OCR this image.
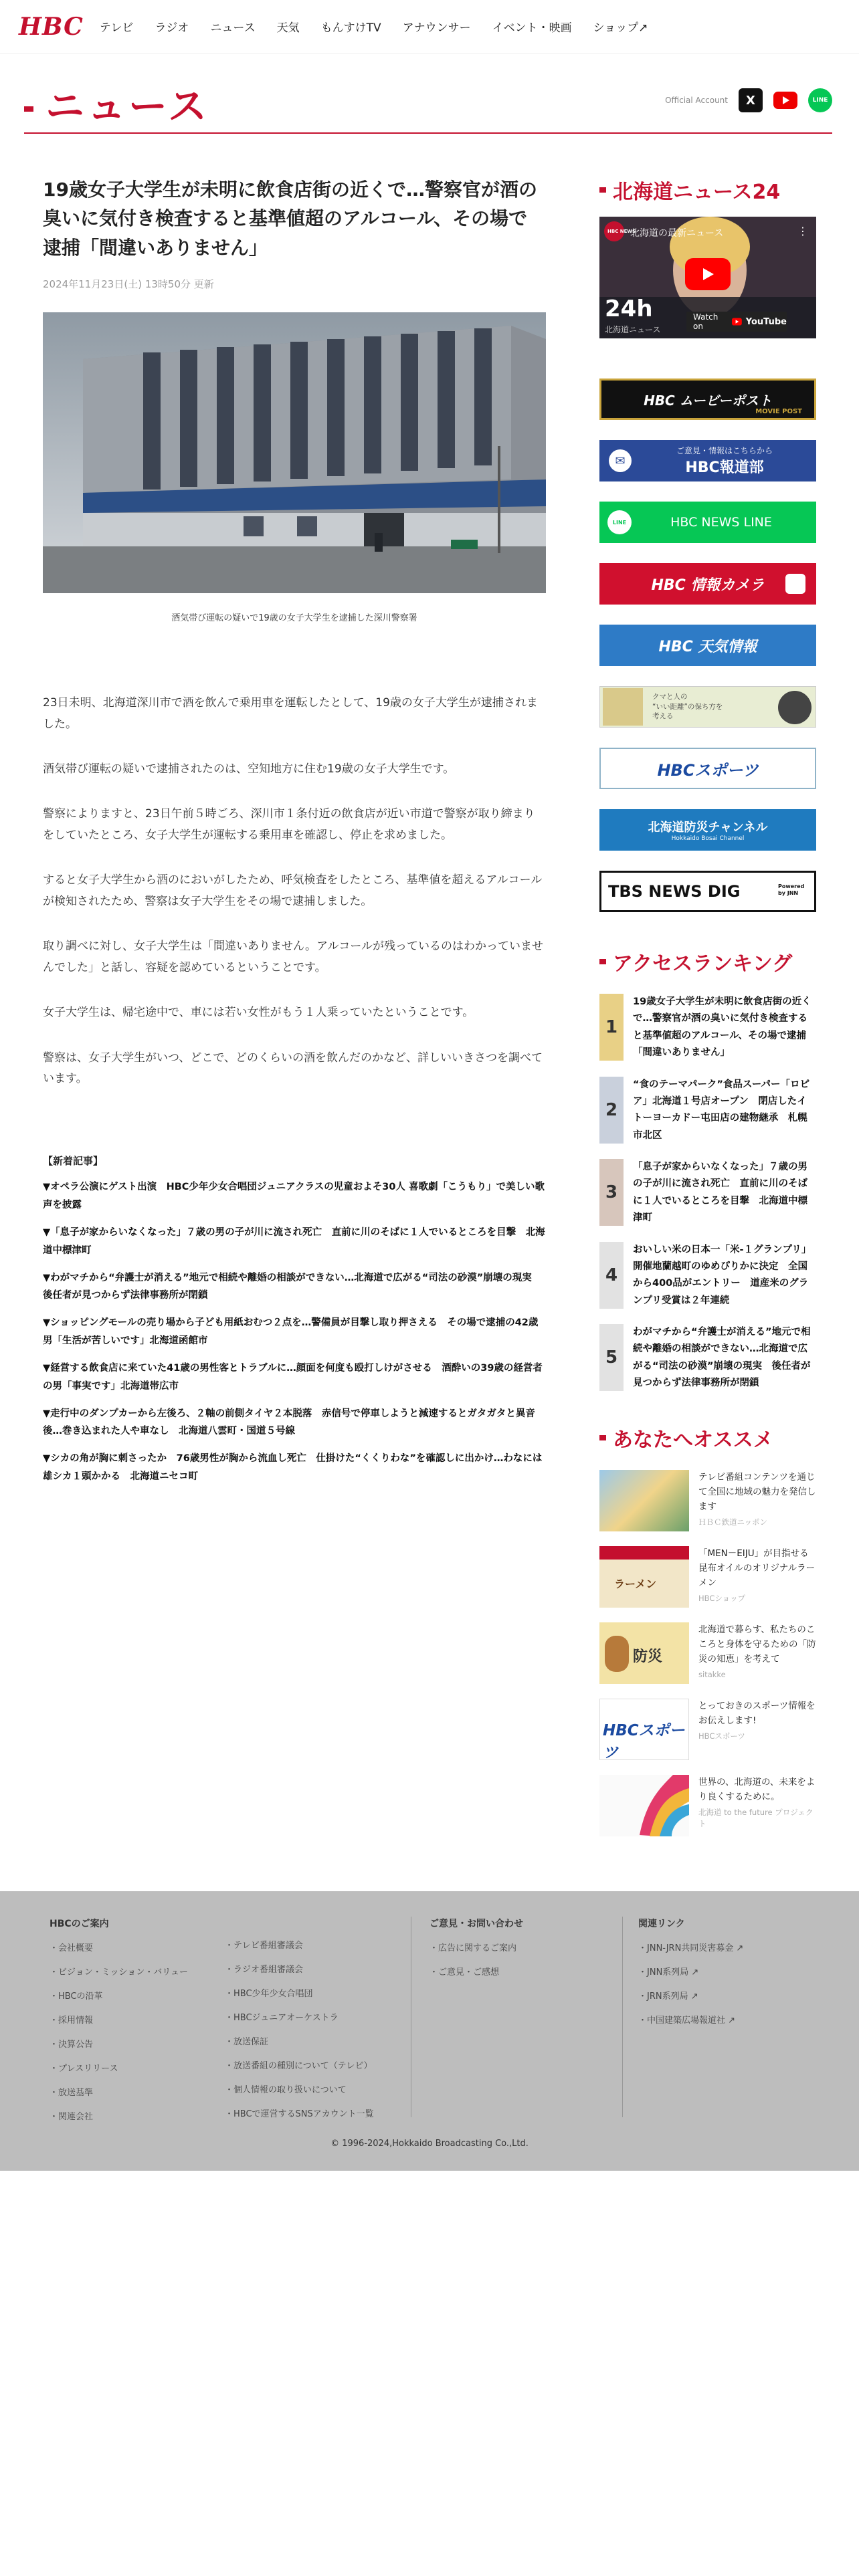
HBC テレビ ラジオ ニュース 天気 もんすけTV アナウンサー イベント・映画 ショップ↗
ニュース	Official Account	X	LINE
19歳女子大学生が未明に飲食店街の近くで…警察官が酒の臭いに気付き検査すると基準値超のアルコール、その場で逮捕「間違いありません」
2024年11月23日(土) 13時50分 更新
酒気帯び運転の疑いで19歳の女子大学生を逮捕した深川警察署

23日未明、北海道深川市で酒を飲んで乗用車を運転したとして、19歳の女子大学生が逮捕されました。

酒気帯び運転の疑いで逮捕されたのは、空知地方に住む19歳の女子大学生です。

警察によりますと、23日午前５時ごろ、深川市１条付近の飲食店が近い市道で警察が取り締まりをしていたところ、女子大学生が運転する乗用車を確認し、停止を求めました。

すると女子大学生から酒のにおいがしたため、呼気検査をしたところ、基準値を超えるアルコールが検知されたため、警察は女子大学生をその場で逮捕しました。

取り調べに対し、女子大学生は「間違いありません。アルコールが残っているのはわかっていませんでした」と話し、容疑を認めているということです。

女子大学生は、帰宅途中で、車には若い女性がもう１人乗っていたということです。

警察は、女子大学生がいつ、どこで、どのくらいの酒を飲んだのかなど、詳しいいきさつを調べています。

【新着記事】
▼オペラ公演にゲスト出演　HBC少年少女合唱団ジュニアクラスの児童およそ30人 喜歌劇「こうもり」で美しい歌声を披露
▼「息子が家からいなくなった」７歳の男の子が川に流され死亡　直前に川のそばに１人でいるところを目撃　北海道中標津町
▼わがマチから“弁護士が消える”地元で相続や離婚の相談ができない…北海道で広がる“司法の砂漠”崩壊の現実　後任者が見つからず法律事務所が閉鎖
▼ショッピングモールの売り場から子ども用紙おむつ２点を…警備員が目撃し取り押さえる　その場で逮捕の42歳男「生活が苦しいです」北海道函館市
▼経営する飲食店に来ていた41歳の男性客とトラブルに…顔面を何度も殴打しけがさせる　酒酔いの39歳の経営者の男「事実です」北海道帯広市
▼走行中のダンプカーから左後ろ、２軸の前側タイヤ２本脱落　赤信号で停車しようと減速するとガタガタと異音後…巻き込まれた人や車なし　北海道八雲町・国道５号線
▼シカの角が胸に刺さったか　76歳男性が胸から流血し死亡　仕掛けた“くくりわな”を確認しに出かけ…わなには雄シカ１頭かかる　北海道ニセコ町
北海道ニュース24
HBC NEWS
北海道の最新ニュース	⋮
24h
北海道ニュース
Watch on	YouTube
HBC ムービーポスト
MOVIE POST
✉
ご意見・情報はこちらから
HBC報道部
LINE	HBC NEWS LINE
HBC 情報カメラ
HBC 天気情報
クマと人の
“いい距離”の保ち方を
考える
HBCスポーツ
北海道防災チャンネル
Hokkaido Bosai Channel
TBS NEWS DIG	Powered by JNN
アクセスランキング
1
19歳女子大学生が未明に飲食店街の近くで…警察官が酒の臭いに気付き検査すると基準値超のアルコール、その場で逮捕「間違いありません」
2
“食のテーマパーク”食品スーパー「ロピア」北海道１号店オープン　閉店したイトーヨーカドー屯田店の建物継承　札幌市北区
3
「息子が家からいなくなった」７歳の男の子が川に流され死亡　直前に川のそばに１人でいるところを目撃　北海道中標津町
4
おいしい米の日本一「米-１グランプリ」開催地蘭越町のゆめぴりかに決定　全国から400品がエントリー　道産米のグランプリ受賞は２年連続
5
わがマチから“弁護士が消える”地元で相続や離婚の相談ができない…北海道で広がる“司法の砂漠”崩壊の現実　後任者が見つからず法律事務所が閉鎖
あなたへオススメ
テレビ番組コンテンツを通じて全国に地域の魅力を発信します
ＨＢＣ鉄道ニッポン
ラーメン
「MEN－EIJU」が目指せる昆布オイルのオリジナルラーメン
HBCショップ
防災
北海道で暮らす、私たちのこころと身体を守るための「防災の知恵」を考えて
sitakke
HBCスポーツ
とっておきのスポーツ情報をお伝えします!
HBCスポーツ
世界の、北海道の、未来をより良くするために。
北海道 to the future プロジェクト
HBCのご案内
・ 会社概要
・ ビジョン・ミッション・バリュー
・ HBCの沿革
・ 採用情報
・ 決算公告
・ プレスリリース
・ 放送基準
・ 関連会社
・ テレビ番組審議会
・ ラジオ番組審議会
・ HBC少年少女合唱団
・ HBCジュニアオーケストラ
・ 放送保証
・ 放送番組の種別について（テレビ）
・ 個人情報の取り扱いについて
・ HBCで運営するSNSアカウント一覧
ご意見・お問い合わせ
・ 広告に関するご案内
・ ご意見・ご感想
関連リンク
・ JNN-JRN共同災害募金 ↗
・ JNN系列局 ↗
・ JRN系列局 ↗
・ 中国建築広場報道社 ↗
© 1996-2024,Hokkaido Broadcasting Co.,Ltd.
